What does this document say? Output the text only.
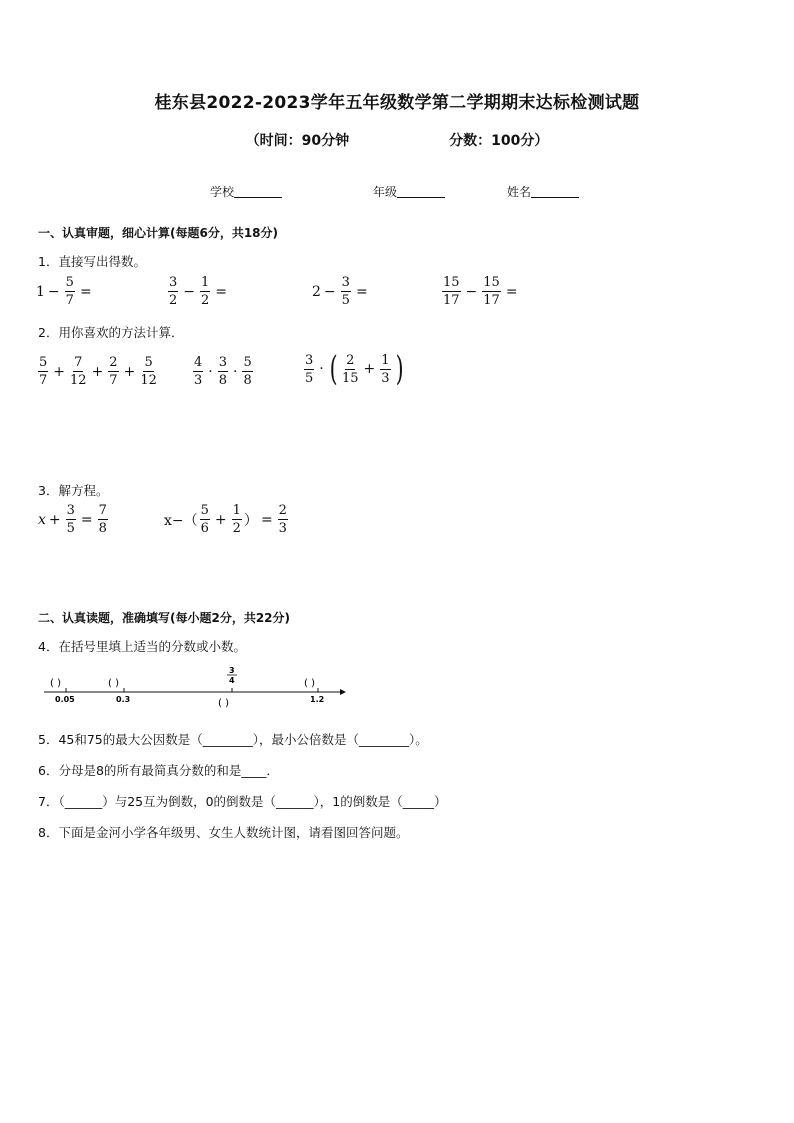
桂东县2022-2023学年五年级数学第二学期期末达标检测试题
（时间：90分钟	分数：100分）
学校	年级	姓名
一、认真审题，细心计算(每题6分，共18分)
1．直接写出得数。
$1 - \frac{5}{7}$ =	$\frac{3}{2} - \frac{1}{2}$ =	$2 - \frac{3}{5}$ =	$\frac{15}{17} - \frac{15}{17}$ =
2．用你喜欢的方法计算．
$\frac{5}{7} + \frac{7}{12} + \frac{2}{7} + \frac{5}{12}$	$\frac{4}{3} \cdot \frac{3}{8} \cdot \frac{5}{8}$	$\frac{3}{5}$ · ( $\frac{2}{15} + \frac{1}{3}$ )
3．解方程。
$x + \frac{3}{5} = \frac{7}{8}$	$x-( \frac{5}{6} + \frac{1}{2}$ ） = $\frac{2}{3}$
二、认真读题，准确填写(每小题2分，共22分)
4．在括号里填上适当的分数或小数。
( )	( )	( )
( )
0.05	0.3	1.2
3
4
5．45和75的最大公因数是（________），最小公倍数是（________）。
6．分母是8的所有最简真分数的和是____．
7．（______）与25互为倒数，0的倒数是（______），1的倒数是（_____）
8．下面是金河小学各年级男、女生人数统计图，请看图回答问题。
